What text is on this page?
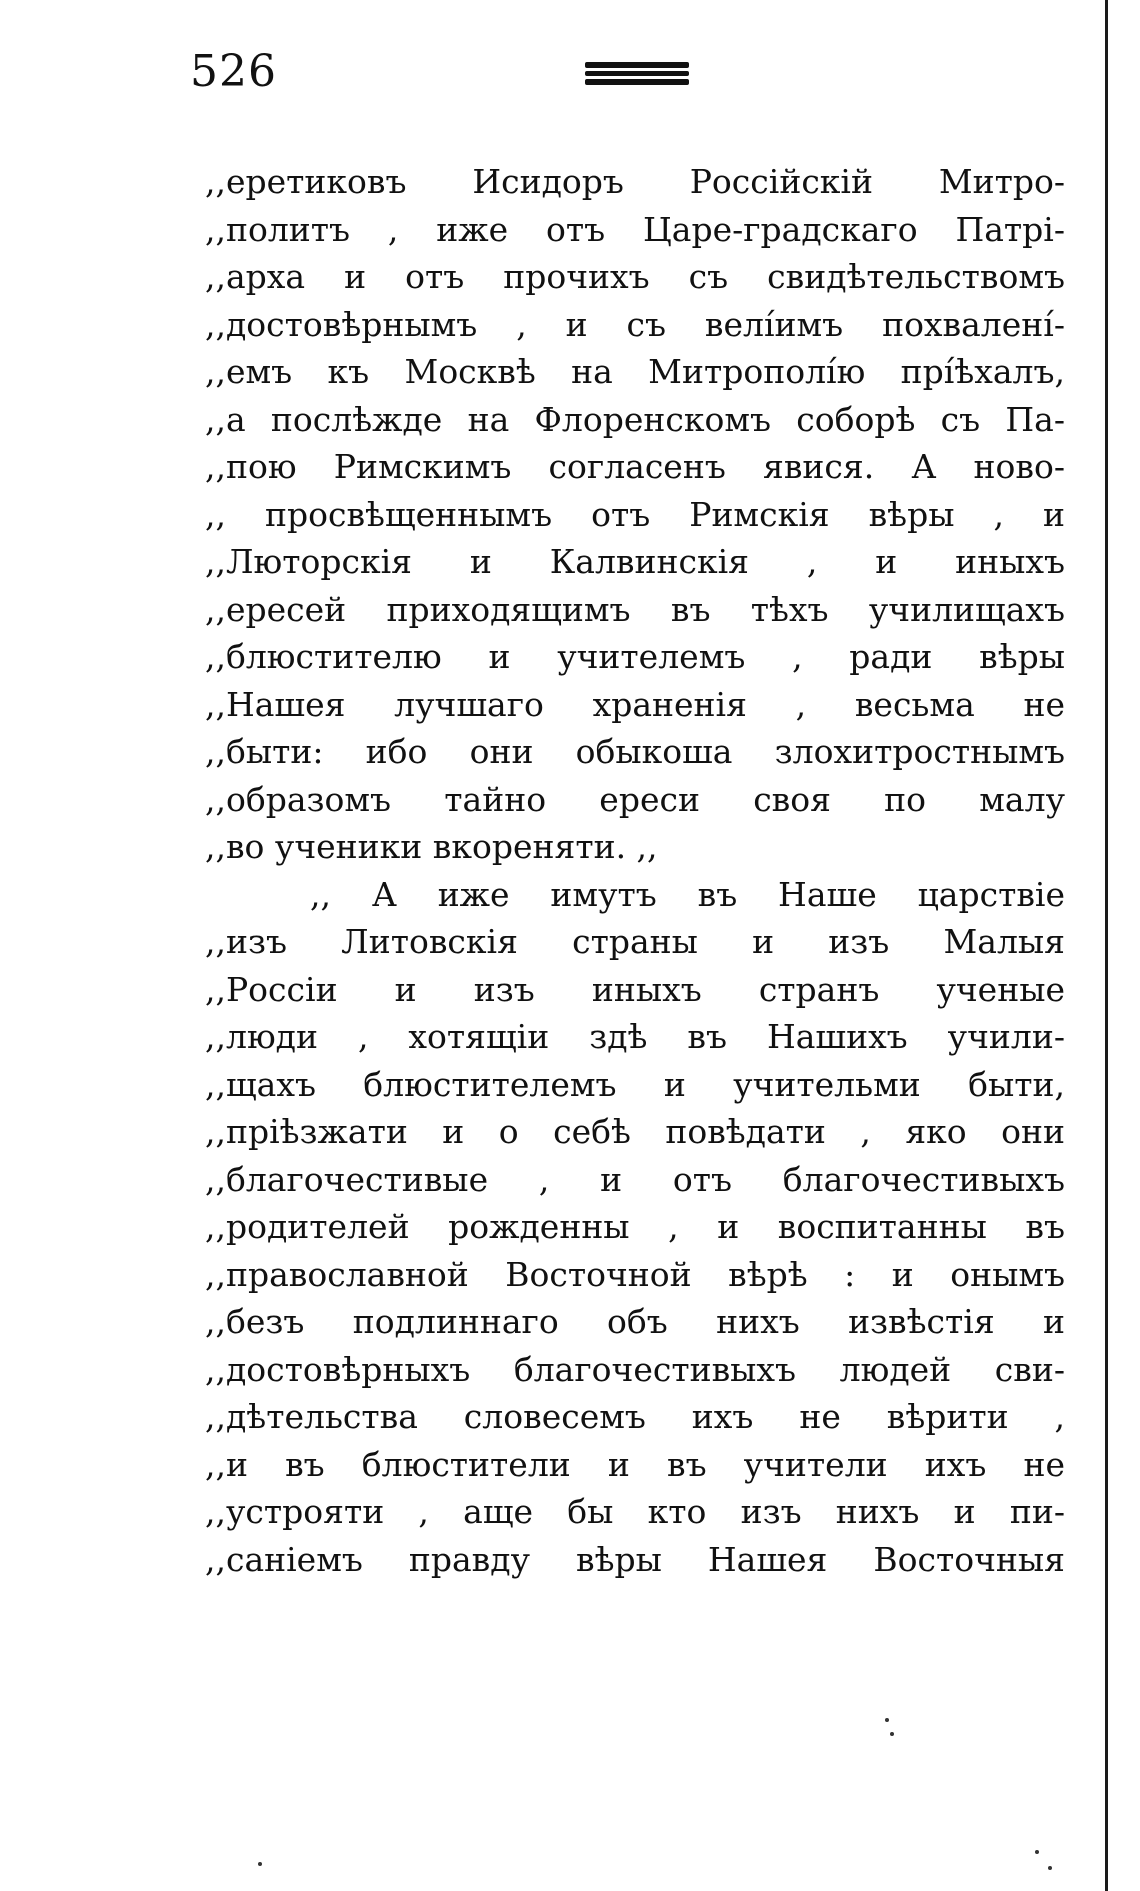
526
,,еретиковъ Исидоръ Россійскій Митро-
,,политъ , иже отъ Царе-градскаго Патрі-
,,арха и отъ прочихъ съ свидѣтельствомъ
,,достовѣрнымъ , и съ велíимъ похваленí-
,,емъ къ Москвѣ на Митрополíю прíѣхалъ,
,,а послѣжде на Флоренскомъ соборѣ съ Па-
,,пою Римскимъ согласенъ явися. А ново-
,, просвѣщеннымъ отъ Римскiя вѣры , и
,,Люторскiя и Калвинскiя , и иныхъ
,,ересей приходящимъ въ тѣхъ училищахъ
,,блюстителю и учителемъ , ради вѣры
,,Нашея лучшаго храненiя , весьма не
,,быти: ибо они обыкоша злохитростнымъ
,,образомъ тайно ереси своя по малу
,,во ученики вкореняти. ,,
,, А иже имутъ въ Наше царствiе
,,изъ Литовскiя страны и изъ Малыя
,,Россiи и изъ иныхъ странъ ученые
,,люди , хотящiи здѣ въ Нашихъ учили-
,,щахъ блюстителемъ и учительми быти,
,,прiѣзжати и о себѣ повѣдати , яко они
,,благочестивые , и отъ благочестивыхъ
,,родителей рожденны , и воспитанны въ
,,православной Восточной вѣрѣ : и онымъ
,,безъ подлиннаго объ нихъ извѣстiя и
,,достовѣрныхъ благочестивыхъ людей сви-
,,дѣтельства словесемъ ихъ не вѣрити ,
,,и въ блюстители и въ учители ихъ не
,,устрояти , аще бы кто изъ нихъ и пи-
,,санiемъ правду вѣры Нашея Восточныя
